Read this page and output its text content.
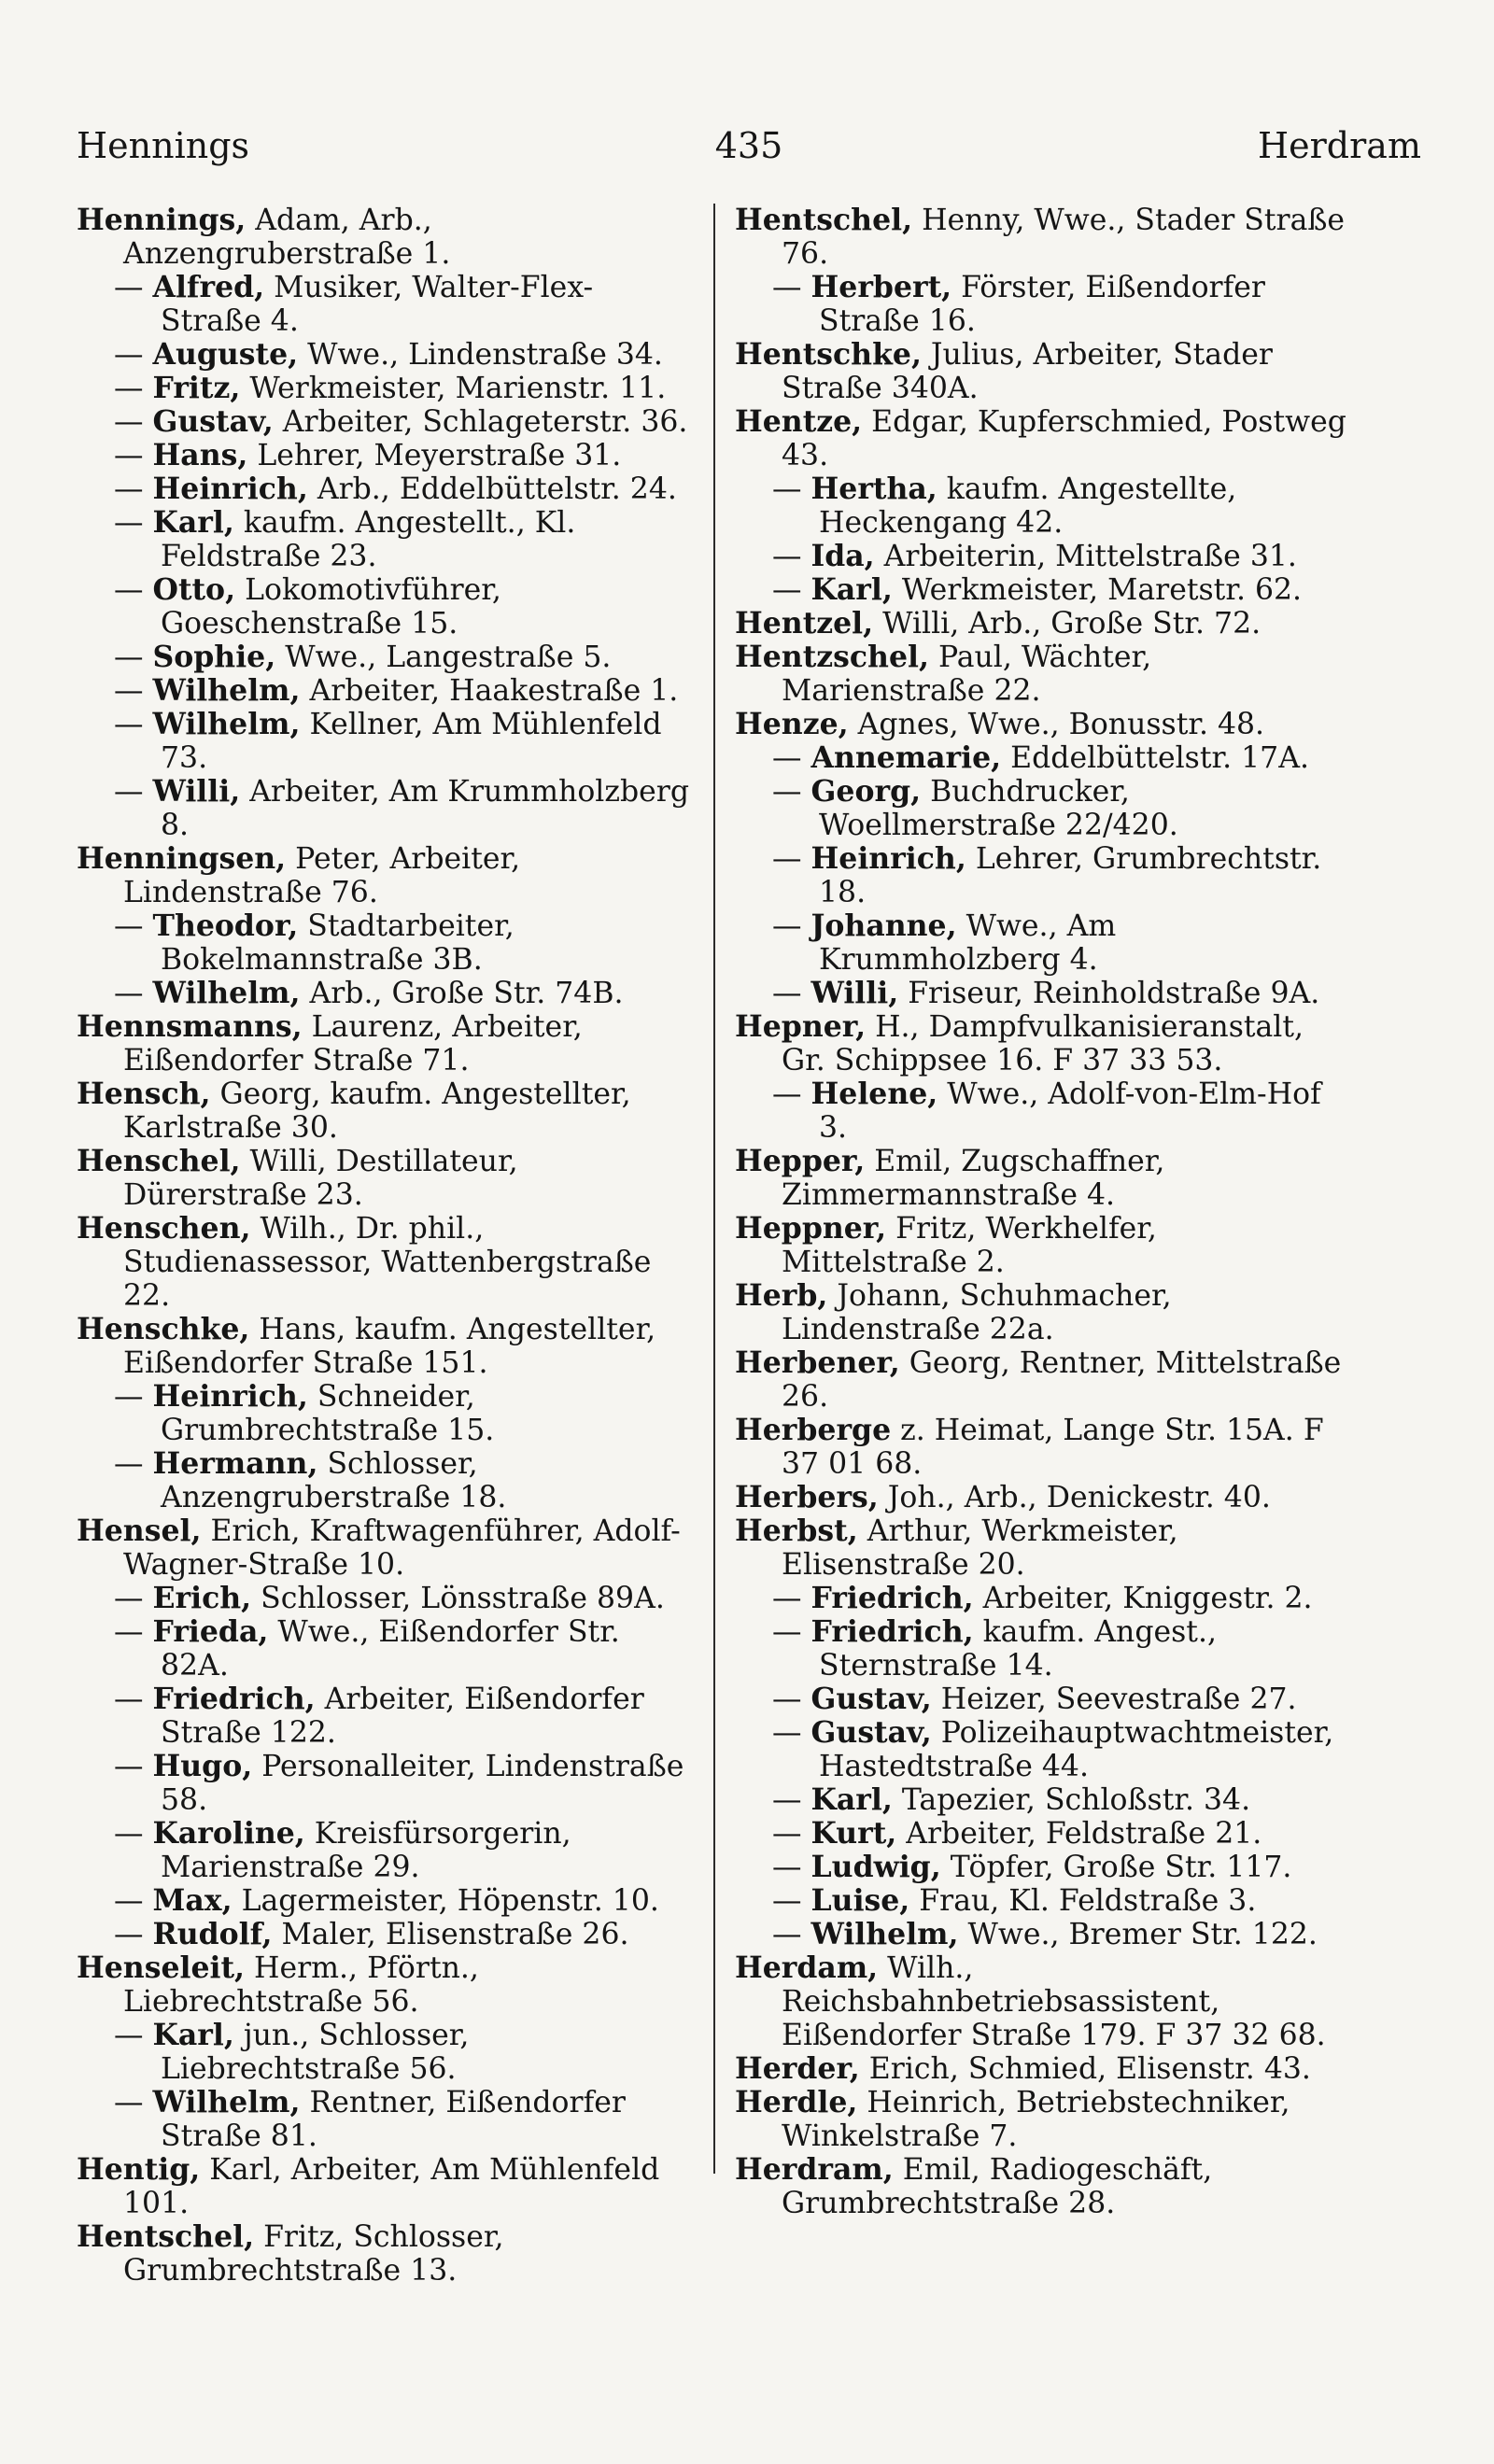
Hennings	435	Herdram

Hennings, Adam, Arb., Anzengruberstraße 1.

— Alfred, Musiker, Walter-Flex-Straße 4.

— Auguste, Wwe., Lindenstraße 34.

— Fritz, Werkmeister, Marienstr. 11.

— Gustav, Arbeiter, Schlageterstr. 36.

— Hans, Lehrer, Meyerstraße 31.

— Heinrich, Arb., Eddelbüttelstr. 24.

— Karl, kaufm. Angestellt., Kl. Feldstraße 23.

— Otto, Lokomotivführer, Goeschenstraße 15.

— Sophie, Wwe., Langestraße 5.

— Wilhelm, Arbeiter, Haakestraße 1.

— Wilhelm, Kellner, Am Mühlenfeld 73.

— Willi, Arbeiter, Am Krummholzberg 8.

Henningsen, Peter, Arbeiter, Lindenstraße 76.

— Theodor, Stadtarbeiter, Bokelmannstraße 3B.

— Wilhelm, Arb., Große Str. 74B.

Hennsmanns, Laurenz, Arbeiter, Eißendorfer Straße 71.

Hensch, Georg, kaufm. Angestellter, Karlstraße 30.

Henschel, Willi, Destillateur, Dürerstraße 23.

Henschen, Wilh., Dr. phil., Studienassessor, Wattenbergstraße 22.

Henschke, Hans, kaufm. Angestellter, Eißendorfer Straße 151.

— Heinrich, Schneider, Grumbrechtstraße 15.

— Hermann, Schlosser, Anzengruberstraße 18.

Hensel, Erich, Kraftwagenführer, Adolf-Wagner-Straße 10.

— Erich, Schlosser, Lönsstraße 89A.

— Frieda, Wwe., Eißendorfer Str. 82A.

— Friedrich, Arbeiter, Eißendorfer Straße 122.

— Hugo, Personalleiter, Lindenstraße 58.

— Karoline, Kreisfürsorgerin, Marienstraße 29.

— Max, Lagermeister, Höpenstr. 10.

— Rudolf, Maler, Elisenstraße 26.

Henseleit, Herm., Pförtn., Liebrechtstraße 56.

— Karl, jun., Schlosser, Liebrechtstraße 56.

— Wilhelm, Rentner, Eißendorfer Straße 81.

Hentig, Karl, Arbeiter, Am Mühlenfeld 101.

Hentschel, Fritz, Schlosser, Grumbrechtstraße 13.

Hentschel, Henny, Wwe., Stader Straße 76.

— Herbert, Förster, Eißendorfer Straße 16.

Hentschke, Julius, Arbeiter, Stader Straße 340A.

Hentze, Edgar, Kupferschmied, Postweg 43.

— Hertha, kaufm. Angestellte, Heckengang 42.

— Ida, Arbeiterin, Mittelstraße 31.

— Karl, Werkmeister, Maretstr. 62.

Hentzel, Willi, Arb., Große Str. 72.

Hentzschel, Paul, Wächter, Marienstraße 22.

Henze, Agnes, Wwe., Bonusstr. 48.

— Annemarie, Eddelbüttelstr. 17A.

— Georg, Buchdrucker, Woellmerstraße 22/420.

— Heinrich, Lehrer, Grumbrechtstr. 18.

— Johanne, Wwe., Am Krummholzberg 4.

— Willi, Friseur, Reinholdstraße 9A.

Hepner, H., Dampfvulkanisieranstalt, Gr. Schippsee 16. F 37 33 53.

— Helene, Wwe., Adolf-von-Elm-Hof 3.

Hepper, Emil, Zugschaffner, Zimmermannstraße 4.

Heppner, Fritz, Werkhelfer, Mittelstraße 2.

Herb, Johann, Schuhmacher, Lindenstraße 22a.

Herbener, Georg, Rentner, Mittelstraße 26.

Herberge z. Heimat, Lange Str. 15A. F 37 01 68.

Herbers, Joh., Arb., Denickestr. 40.

Herbst, Arthur, Werkmeister, Elisenstraße 20.

— Friedrich, Arbeiter, Kniggestr. 2.

— Friedrich, kaufm. Angest., Sternstraße 14.

— Gustav, Heizer, Seevestraße 27.

— Gustav, Polizeihauptwachtmeister, Hastedtstraße 44.

— Karl, Tapezier, Schloßstr. 34.

— Kurt, Arbeiter, Feldstraße 21.

— Ludwig, Töpfer, Große Str. 117.

— Luise, Frau, Kl. Feldstraße 3.

— Wilhelm, Wwe., Bremer Str. 122.

Herdam, Wilh., Reichsbahnbetriebsassistent, Eißendorfer Straße 179. F 37 32 68.

Herder, Erich, Schmied, Elisenstr. 43.

Herdle, Heinrich, Betriebstechniker, Winkelstraße 7.

Herdram, Emil, Radiogeschäft, Grumbrechtstraße 28.
